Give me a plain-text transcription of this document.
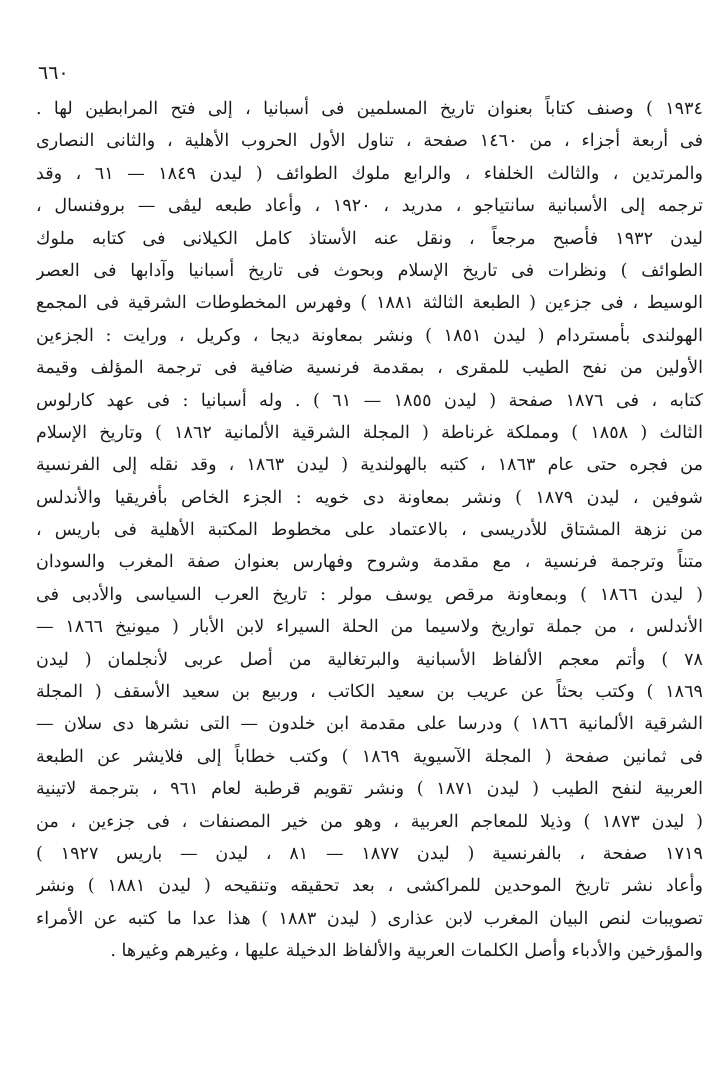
٦٦٠
١٩٣٤ ) وصنف كتاباً بعنوان تاريخ المسلمين فى أسبانيا ، إلى فتح المرابطين لها .
فى أربعة أجزاء ، من ١٤٦٠ صفحة ، تناول الأول الحروب الأهلية ، والثانى النصارى
والمرتدين ، والثالث الخلفاء ، والرابع ملوك الطوائف ( ليدن ١٨٤٩ — ٦١ ، وقد
ترجمه إلى الأسبانية سانتياجو ، مدريد ، ١٩٢٠ ، وأعاد طبعه ليڤى — بروفنسال ،
ليدن ١٩٣٢ فأصبح مرجعاً ، ونقل عنه الأستاذ كامل الكيلانى فى كتابه ملوك
الطوائف ) ونظرات فى تاريخ الإسلام وبحوث فى تاريخ أسبانيا وآدابها فى العصر
الوسيط ، فى جزءين ( الطبعة الثالثة ١٨٨١ ) وفهرس المخطوطات الشرقية فى المجمع
الهولندى بأمستردام ( ليدن ١٨٥١ ) ونشر بمعاونة ديجا ، وكريل ، ورايت : الجزءين
الأولين من نفح الطيب للمقرى ، بمقدمة فرنسية ضافية فى ترجمة المؤلف وقيمة
كتابه ، فى ١٨٧٦ صفحة ( ليدن ١٨٥٥ — ٦١ ) . وله أسبانيا : فى عهد كارلوس
الثالث ( ١٨٥٨ ) ومملكة غرناطة ( المجلة الشرقية الألمانية ١٨٦٢ ) وتاريخ الإسلام
من فجره حتى عام ١٨٦٣ ، كتبه بالهولندية ( ليدن ١٨٦٣ ، وقد نقله إلى الفرنسية
شوفين ، ليدن ١٨٧٩ ) ونشر بمعاونة دى خويه : الجزء الخاص بأفريقيا والأندلس
من نزهة المشتاق للأدريسى ، بالاعتماد على مخطوط المكتبة الأهلية فى باريس ،
متناً وترجمة فرنسية ، مع مقدمة وشروح وفهارس بعنوان صفة المغرب والسودان
( ليدن ١٨٦٦ ) وبمعاونة مرقص يوسف مولر : تاريخ العرب السياسى والأدبى فى
الأندلس ، من جملة تواريخ ولاسيما من الحلة السيراء لابن الأبار ( ميونيخ ١٨٦٦ —
٧٨ ) وأتم معجم الألفاظ الأسبانية والبرتغالية من أصل عربى لأنجلمان ( ليدن
١٨٦٩ ) وكتب بحثاً عن عريب بن سعيد الكاتب ، وربيع بن سعيد الأسقف ( المجلة
الشرقية الألمانية ١٨٦٦ ) ودرسا على مقدمة ابن خلدون — التى نشرها دى سلان —
فى ثمانين صفحة ( المجلة الآسيوية ١٨٦٩ ) وكتب خطاباً إلى فلايشر عن الطبعة
العربية لنفح الطيب ( ليدن ١٨٧١ ) ونشر تقويم قرطبة لعام ٩٦١ ، بترجمة لاتينية
( ليدن ١٨٧٣ ) وذيلا للمعاجم العربية ، وهو من خير المصنفات ، فى جزءين ، من
١٧١٩ صفحة ، بالفرنسية ( ليدن ١٨٧٧ — ٨١ ، ليدن — باريس ١٩٢٧ )
وأعاد نشر تاريخ الموحدين للمراكشى ، بعد تحقيقه وتنقيحه ( ليدن ١٨٨١ ) ونشر
تصويبات لنص البيان المغرب لابن عذارى ( ليدن ١٨٨٣ ) هذا عدا ما كتبه عن الأمراء
والمؤرخين والأدباء وأصل الكلمات العربية والألفاظ الدخيلة عليها ، وغيرهم وغيرها .
